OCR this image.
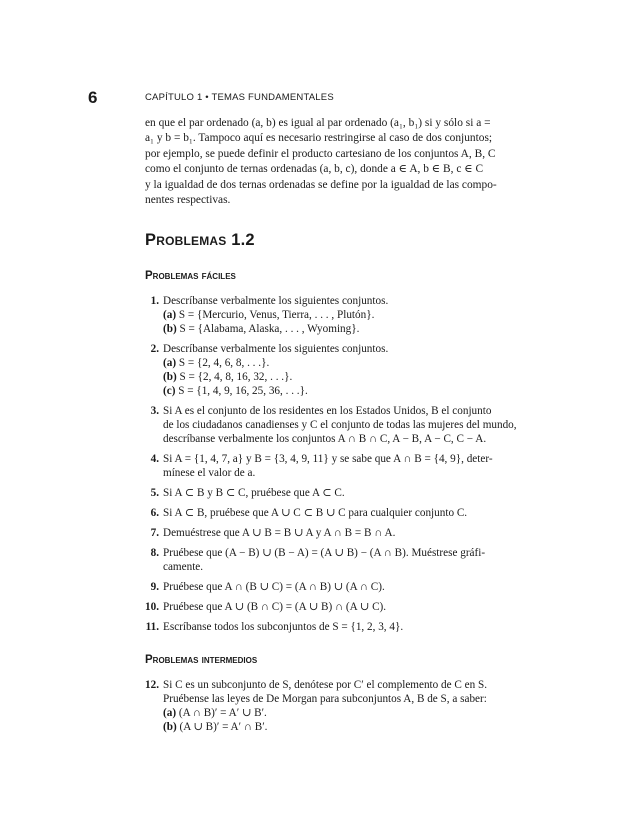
6	CAPÍTULO 1 • TEMAS FUNDAMENTALES
en que el par ordenado (a, b) es igual al par ordenado (a₁, b₁) si y sólo si a =
a₁ y b = b₁. Tampoco aquí es necesario restringirse al caso de dos conjuntos;
por ejemplo, se puede definir el producto cartesiano de los conjuntos A, B, C
como el conjunto de ternas ordenadas (a, b, c), donde a ∈ A, b ∈ B, c ∈ C
y la igualdad de dos ternas ordenadas se define por la igualdad de las compo-
nentes respectivas.
Problemas 1.2
Problemas fáciles
1. Descríbanse verbalmente los siguientes conjuntos.
(a) S = {Mercurio, Venus, Tierra, . . . , Plutón}.
(b) S = {Alabama, Alaska, . . . , Wyoming}.
2. Descríbanse verbalmente los siguientes conjuntos.
(a) S = {2, 4, 6, 8, . . .}.
(b) S = {2, 4, 8, 16, 32, . . .}.
(c) S = {1, 4, 9, 16, 25, 36, . . .}.
3. Si A es el conjunto de los residentes en los Estados Unidos, B el conjunto
de los ciudadanos canadienses y C el conjunto de todas las mujeres del mundo,
descríbanse verbalmente los conjuntos A ∩ B ∩ C, A − B, A − C, C − A.
4. Si A = {1, 4, 7, a} y B = {3, 4, 9, 11} y se sabe que A ∩ B = {4, 9}, deter-
mínese el valor de a.
5. Si A ⊂ B y B ⊂ C, pruébese que A ⊂ C.
6. Si A ⊂ B, pruébese que A ∪ C ⊂ B ∪ C para cualquier conjunto C.
7. Demuéstrese que A ∪ B = B ∪ A y A ∩ B = B ∩ A.
8. Pruébese que (A − B) ∪ (B − A) = (A ∪ B) − (A ∩ B). Muéstrese gráfi-
camente.
9. Pruébese que A ∩ (B ∪ C) = (A ∩ B) ∪ (A ∩ C).
10. Pruébese que A ∪ (B ∩ C) = (A ∪ B) ∩ (A ∪ C).
11. Escríbanse todos los subconjuntos de S = {1, 2, 3, 4}.
Problemas intermedios
12. Si C es un subconjunto de S, denótese por C′ el complemento de C en S.
Pruébense las leyes de De Morgan para subconjuntos A, B de S, a saber:
(a) (A ∩ B)′ = A′ ∪ B′.
(b) (A ∪ B)′ = A′ ∩ B′.
